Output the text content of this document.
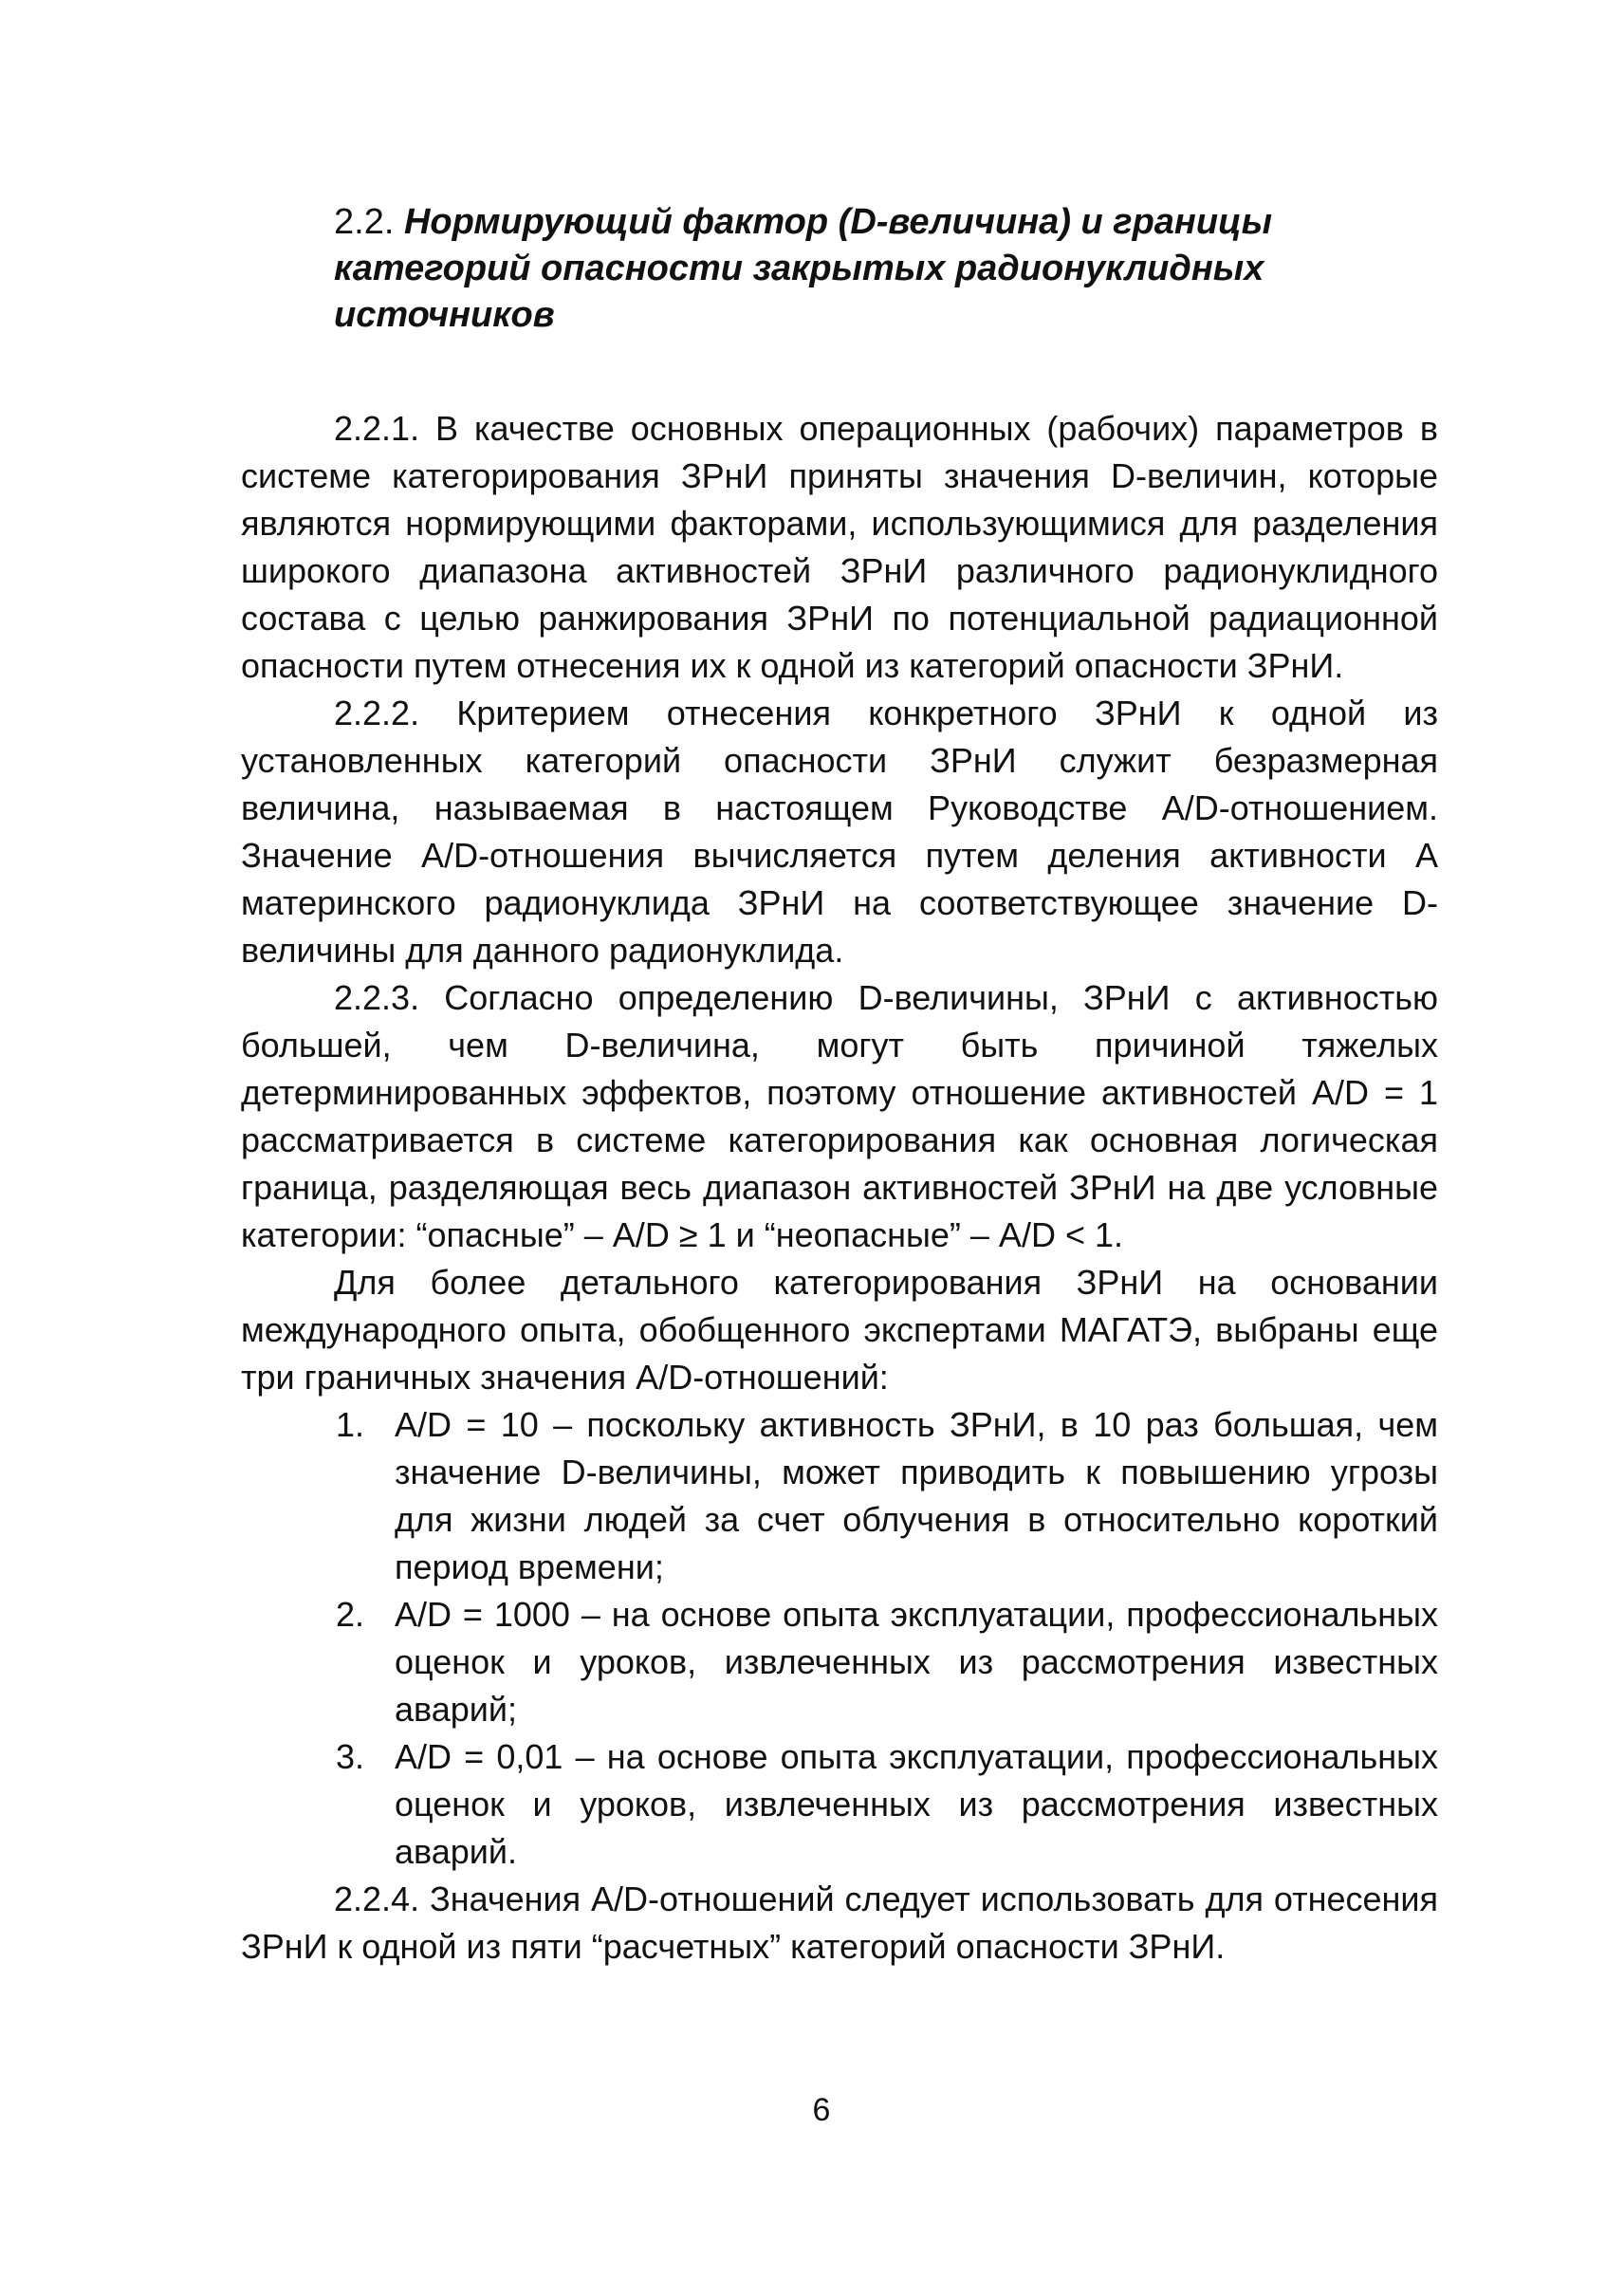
2.2. Нормирующий фактор (D-величина) и границы категорий опасности закрытых радионуклидных источников

2.2.1. В качестве основных операционных (рабочих) параметров в системе категорирования ЗРнИ приняты значения D-величин, которые являются нормирующими факторами, использующимися для разделения широкого диапазона активностей ЗРнИ различного радионуклидного состава с целью ранжирования ЗРнИ по потенциальной радиационной опасности путем отнесения их к одной из категорий опасности ЗРнИ.

2.2.2. Критерием отнесения конкретного ЗРнИ к одной из установленных категорий опасности ЗРнИ служит безразмерная величина, называемая в настоящем Руководстве A/D-отношением. Значение A/D-отношения вычисляется путем деления активности A материнского радионуклида ЗРнИ на соответствующее значение D-величины для данного радионуклида.

2.2.3. Согласно определению D-величины, ЗРнИ с активностью большей, чем D-величина, могут быть причиной тяжелых детерминированных эффектов, поэтому отношение активностей A/D = 1 рассматривается в системе категорирования как основная логическая граница, разделяющая весь диапазон активностей ЗРнИ на две условные категории: “опасные” – A/D ≥ 1 и “неопасные” – A/D < 1.

Для более детального категорирования ЗРнИ на основании международного опыта, обобщенного экспертами МАГАТЭ, выбраны еще три граничных значения A/D-отношений:

1. A/D = 10 – поскольку активность ЗРнИ, в 10 раз большая, чем значение D-величины, может приводить к повышению угрозы для жизни людей за счет облучения в относительно короткий период времени;
2. A/D = 1000 – на основе опыта эксплуатации, профессиональных оценок и уроков, извлеченных из рассмотрения известных аварий;
3. A/D = 0,01 – на основе опыта эксплуатации, профессиональных оценок и уроков, извлеченных из рассмотрения известных аварий.

2.2.4. Значения A/D-отношений следует использовать для отнесения ЗРнИ к одной из пяти “расчетных” категорий опасности ЗРнИ.

6
